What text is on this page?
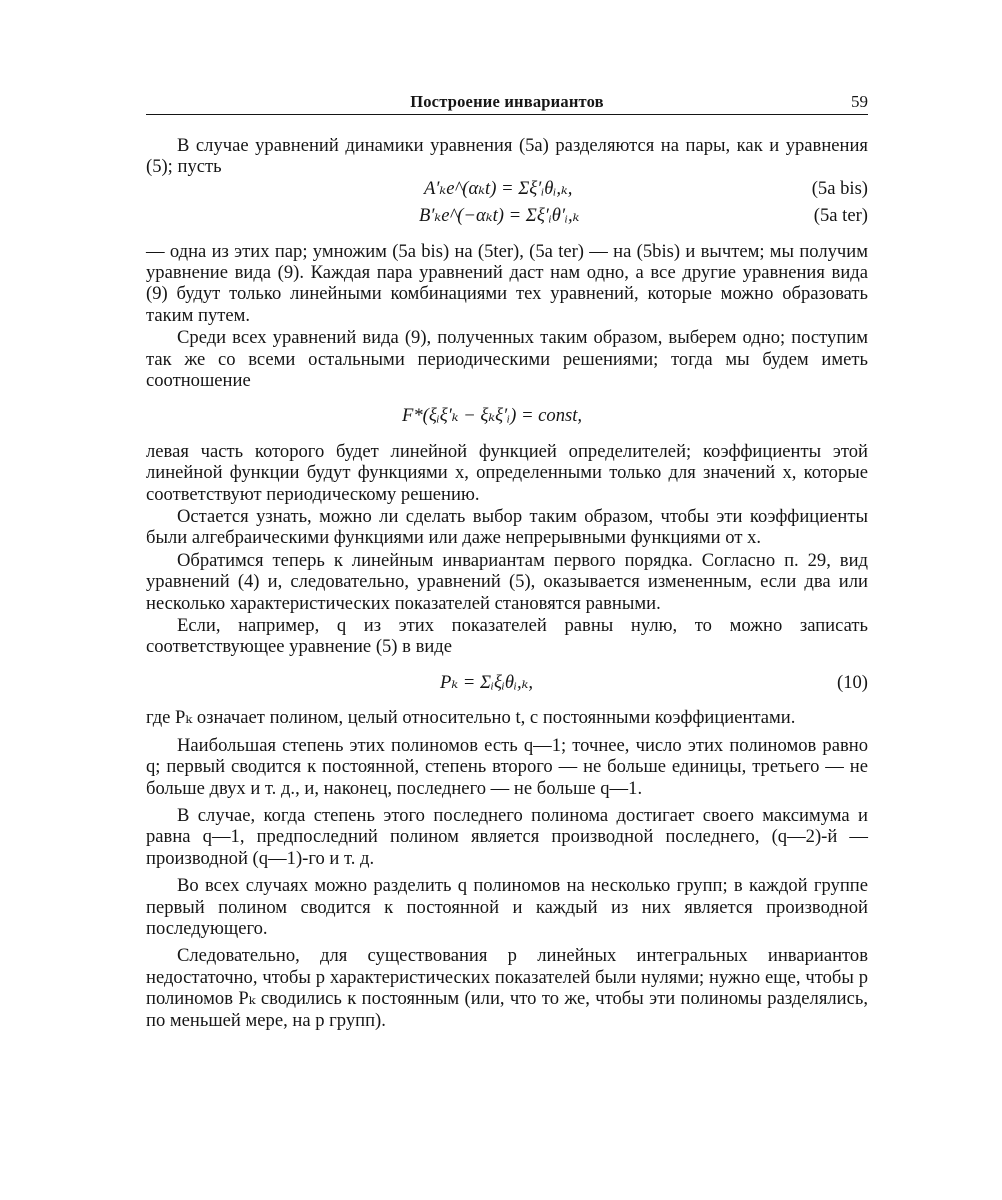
Построение инвариантов	59

В случае уравнений динамики уравнения (5а) разделяются на пары, как и уравнения (5); пусть

A′ₖe^(αₖt) = Σξ′ᵢθᵢ,ₖ,	(5a bis)
B′ₖe^(−αₖt) = Σξ′ᵢθ′ᵢ,ₖ	(5a ter)

— одна из этих пар; умножим (5а bis) на (5ter), (5a ter) — на (5bis) и вычтем; мы получим уравнение вида (9). Каждая пара уравнений даст нам одно, а все другие уравнения вида (9) будут только линейными комбинациями тех уравнений, которые можно образовать таким путем.

Среди всех уравнений вида (9), полученных таким образом, выберем одно; поступим так же со всеми остальными периодическими решениями; тогда мы будем иметь соотношение

F*(ξᵢξ′ₖ − ξₖξ′ᵢ) = const,

левая часть которого будет линейной функцией определителей; коэффициенты этой линейной функции будут функциями x, определенными только для значений x, которые соответствуют периодическому решению.

Остается узнать, можно ли сделать выбор таким образом, чтобы эти коэффициенты были алгебраическими функциями или даже непрерывными функциями от x.

Обратимся теперь к линейным инвариантам первого порядка. Согласно п. 29, вид уравнений (4) и, следовательно, уравнений (5), оказывается измененным, если два или несколько характеристических показателей становятся равными.

Если, например, q из этих показателей равны нулю, то можно записать соответствующее уравнение (5) в виде

Pₖ = Σᵢξᵢθᵢ,ₖ,	(10)

где Pₖ означает полином, целый относительно t, с постоянными коэффициентами.

Наибольшая степень этих полиномов есть q—1; точнее, число этих полиномов равно q; первый сводится к постоянной, степень второго — не больше единицы, третьего — не больше двух и т. д., и, наконец, последнего — не больше q—1.

В случае, когда степень этого последнего полинома достигает своего максимума и равна q—1, предпоследний полином является производной последнего, (q—2)-й — производной (q—1)-го и т. д.

Во всех случаях можно разделить q полиномов на несколько групп; в каждой группе первый полином сводится к постоянной и каждый из них является производной последующего.

Следовательно, для существования p линейных интегральных инвариантов недостаточно, чтобы p характеристических показателей были нулями; нужно еще, чтобы p полиномов Pₖ сводились к постоянным (или, что то же, чтобы эти полиномы разделялись, по меньшей мере, на p групп).
